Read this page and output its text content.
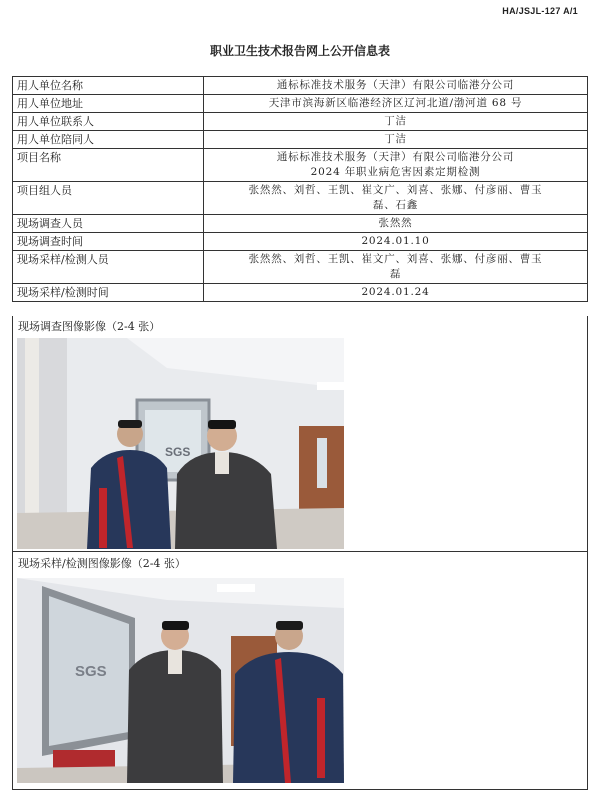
HA/JSJL-127 A/1
职业卫生技术报告网上公开信息表
用人单位名称	通标标准技术服务（天津）有限公司临港分公司

用人单位地址	天津市滨海新区临港经济区辽河北道/渤河道 68 号

用人单位联系人	丁洁

用人单位陪同人	丁洁

项目名称	通标标准技术服务（天津）有限公司临港分公司
2024 年职业病危害因素定期检测

项目组人员	张然然、刘哲、王凯、崔文广、刘喜、张娜、付彦丽、曹玉
磊、石鑫

现场调查人员	张然然

现场调查时间	2024.01.10

现场采样/检测人员	张然然、刘哲、王凯、崔文广、刘喜、张娜、付彦丽、曹玉
磊

现场采样/检测时间	2024.01.24
现场调查图像影像（2-4 张）
SGS
现场采样/检测图像影像（2-4 张）
SGS
